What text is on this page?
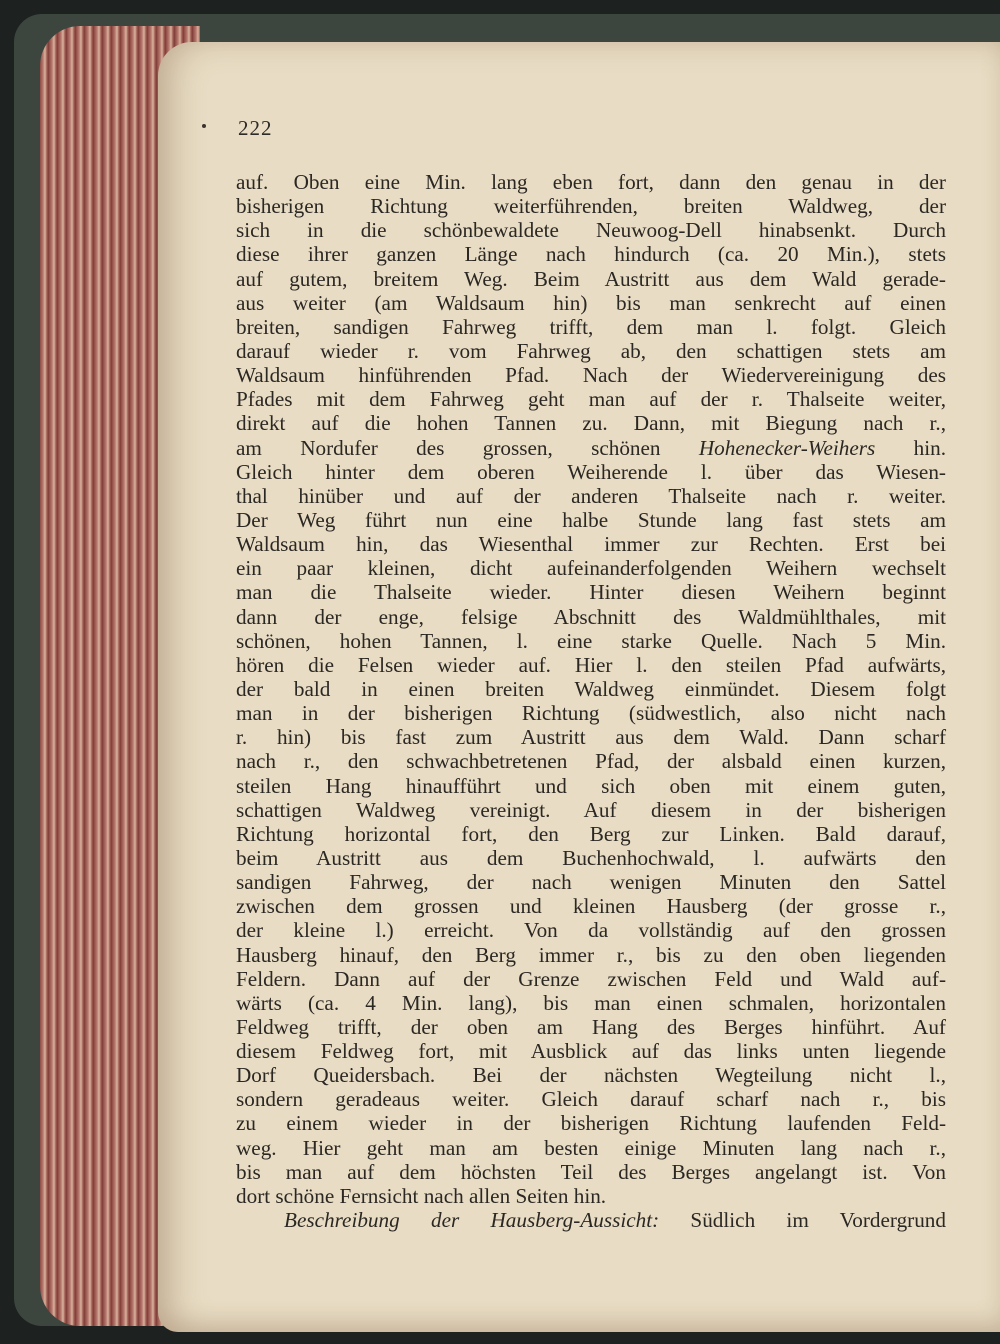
222
auf. Oben eine Min. lang eben fort, dann den genau in der
bisherigen Richtung weiterführenden, breiten Waldweg, der
sich in die schönbewaldete Neuwoog-Dell hinabsenkt. Durch
diese ihrer ganzen Länge nach hindurch (ca. 20 Min.), stets
auf gutem, breitem Weg. Beim Austritt aus dem Wald gerade-
aus weiter (am Waldsaum hin) bis man senkrecht auf einen
breiten, sandigen Fahrweg trifft, dem man l. folgt. Gleich
darauf wieder r. vom Fahrweg ab, den schattigen stets am
Waldsaum hinführenden Pfad. Nach der Wiedervereinigung des
Pfades mit dem Fahrweg geht man auf der r. Thalseite weiter,
direkt auf die hohen Tannen zu. Dann, mit Biegung nach r.,
am Nordufer des grossen, schönen Hohenecker-Weihers hin.
Gleich hinter dem oberen Weiherende l. über das Wiesen-
thal hinüber und auf der anderen Thalseite nach r. weiter.
Der Weg führt nun eine halbe Stunde lang fast stets am
Waldsaum hin, das Wiesenthal immer zur Rechten. Erst bei
ein paar kleinen, dicht aufeinanderfolgenden Weihern wechselt
man die Thalseite wieder. Hinter diesen Weihern beginnt
dann der enge, felsige Abschnitt des Waldmühlthales, mit
schönen, hohen Tannen, l. eine starke Quelle. Nach 5 Min.
hören die Felsen wieder auf. Hier l. den steilen Pfad aufwärts,
der bald in einen breiten Waldweg einmündet. Diesem folgt
man in der bisherigen Richtung (südwestlich, also nicht nach
r. hin) bis fast zum Austritt aus dem Wald. Dann scharf
nach r., den schwachbetretenen Pfad, der alsbald einen kurzen,
steilen Hang hinaufführt und sich oben mit einem guten,
schattigen Waldweg vereinigt. Auf diesem in der bisherigen
Richtung horizontal fort, den Berg zur Linken. Bald darauf,
beim Austritt aus dem Buchenhochwald, l. aufwärts den
sandigen Fahrweg, der nach wenigen Minuten den Sattel
zwischen dem grossen und kleinen Hausberg (der grosse r.,
der kleine l.) erreicht. Von da vollständig auf den grossen
Hausberg hinauf, den Berg immer r., bis zu den oben liegenden
Feldern. Dann auf der Grenze zwischen Feld und Wald auf-
wärts (ca. 4 Min. lang), bis man einen schmalen, horizontalen
Feldweg trifft, der oben am Hang des Berges hinführt. Auf
diesem Feldweg fort, mit Ausblick auf das links unten liegende
Dorf Queidersbach. Bei der nächsten Wegteilung nicht l.,
sondern geradeaus weiter. Gleich darauf scharf nach r., bis
zu einem wieder in der bisherigen Richtung laufenden Feld-
weg. Hier geht man am besten einige Minuten lang nach r.,
bis man auf dem höchsten Teil des Berges angelangt ist. Von
dort schöne Fernsicht nach allen Seiten hin.
Beschreibung der Hausberg-Aussicht: Südlich im Vordergrund
